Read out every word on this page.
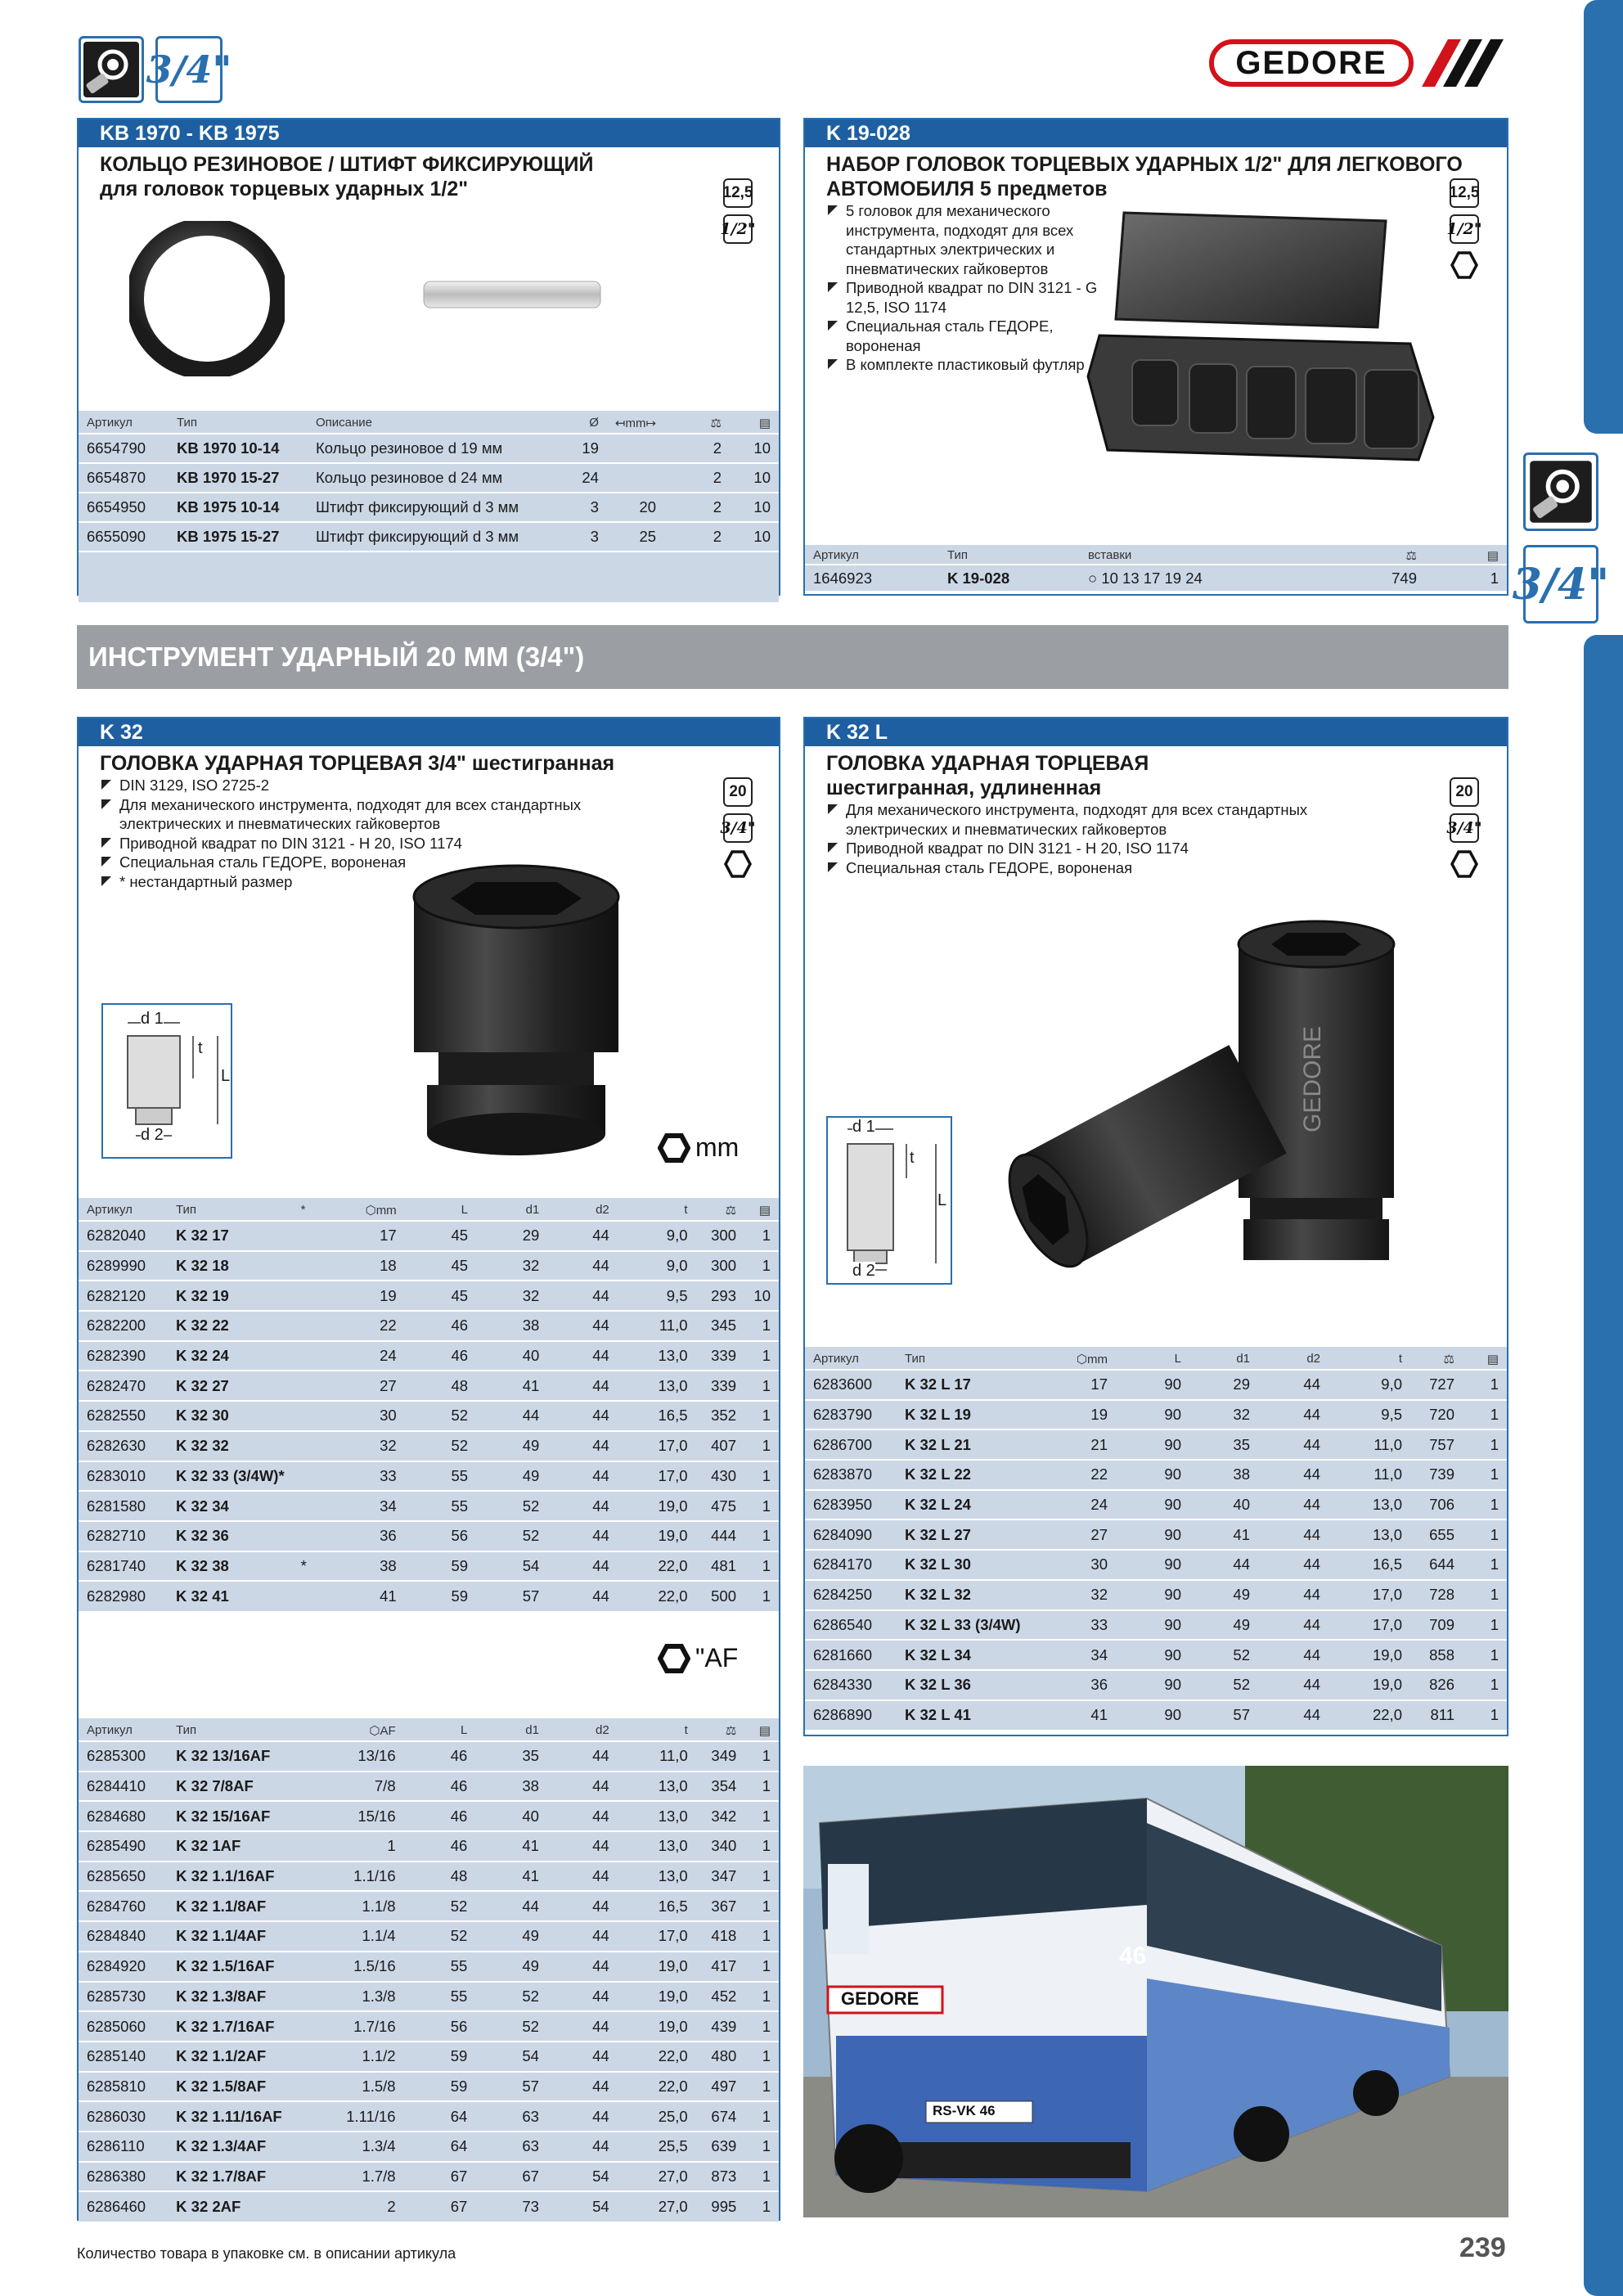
3/4"	GEDORE
3/4"
KB 1970 - KB 1975
КОЛЬЦО РЕЗИНОВОЕ / ШТИФТ ФИКСИРУЮЩИЙ
для головок торцевых ударных 1/2"	12,5
1/2"
Артикул	Тип	Описание	Ø	↤mm↦	⚖	▤
6654790	KB 1970 10-14	Кольцо резиновое d 19 мм	19		2	10
6654870	KB 1970 15-27	Кольцо резиновое d 24 мм	24		2	10
6654950	KB 1975 10-14	Штифт фиксирующий d 3 мм	3	20	2	10
6655090	KB 1975 15-27	Штифт фиксирующий d 3 мм	3	25	2	10

K 19-028
НАБОР ГОЛОВОК ТОРЦЕВЫХ УДАРНЫХ 1/2" ДЛЯ ЛЕГКОВОГО
АВТОМОБИЛЯ 5 предметов
5 головок для механического инструмента, подходят для всех стандартных электрических и пневматических гайковертов
Приводной квадрат по DIN 3121 - G 12,5, ISO 1174
Специальная сталь ГЕДОРЕ, вороненая
В комплекте пластиковый футляр
12,5
1/2"
Артикул	Тип	вставки	⚖	▤
1646923	K 19-028	○ 10 13 17 19 24	749	1
ИНСТРУМЕНТ УДАРНЫЙ 20 ММ (3/4")
K 32
ГОЛОВКА УДАРНАЯ ТОРЦЕВАЯ 3/4" шестигранная
DIN 3129, ISO 2725-2
Для механического инструмента, подходят для всех стандартных электрических и пневматических гайковертов
Приводной квадрат по DIN 3121 - H 20, ISO 1174
Специальная сталь ГЕДОРЕ, вороненая
* нестандартный размер
20
3/4"
d 1
t
L
d 2	mm
Артикул	Тип	*	⬡mm	L	d1	d2	t	⚖	▤
6282040	K 32 17		17	45	29	44	9,0	300	1
6289990	K 32 18		18	45	32	44	9,0	300	1
6282120	K 32 19		19	45	32	44	9,5	293	10
6282200	K 32 22		22	46	38	44	11,0	345	1
6282390	K 32 24		24	46	40	44	13,0	339	1
6282470	K 32 27		27	48	41	44	13,0	339	1
6282550	K 32 30		30	52	44	44	16,5	352	1
6282630	K 32 32		32	52	49	44	17,0	407	1
6283010	K 32 33 (3/4W)*		33	55	49	44	17,0	430	1
6281580	K 32 34		34	55	52	44	19,0	475	1
6282710	K 32 36		36	56	52	44	19,0	444	1
6281740	K 32 38	*	38	59	54	44	22,0	481	1
6282980	K 32 41		41	59	57	44	22,0	500	1
"AF
Артикул	Тип		⬡AF	L	d1	d2	t	⚖	▤
6285300	K 32 13/16AF		13/16	46	35	44	11,0	349	1
6284410	K 32 7/8AF		7/8	46	38	44	13,0	354	1
6284680	K 32 15/16AF		15/16	46	40	44	13,0	342	1
6285490	K 32 1AF		1	46	41	44	13,0	340	1
6285650	K 32 1.1/16AF		1.1/16	48	41	44	13,0	347	1
6284760	K 32 1.1/8AF		1.1/8	52	44	44	16,5	367	1
6284840	K 32 1.1/4AF		1.1/4	52	49	44	17,0	418	1
6284920	K 32 1.5/16AF		1.5/16	55	49	44	19,0	417	1
6285730	K 32 1.3/8AF		1.3/8	55	52	44	19,0	452	1
6285060	K 32 1.7/16AF		1.7/16	56	52	44	19,0	439	1
6285140	K 32 1.1/2AF		1.1/2	59	54	44	22,0	480	1
6285810	K 32 1.5/8AF		1.5/8	59	57	44	22,0	497	1
6286030	K 32 1.11/16AF		1.11/16	64	63	44	25,0	674	1
6286110	K 32 1.3/4AF		1.3/4	64	63	44	25,5	639	1
6286380	K 32 1.7/8AF		1.7/8	67	67	54	27,0	873	1
6286460	K 32 2AF		2	67	73	54	27,0	995	1
K 32 L
ГОЛОВКА УДАРНАЯ ТОРЦЕВАЯ
шестигранная, удлиненная
Для механического инструмента, подходят для всех стандартных электрических и пневматических гайковертов
Приводной квадрат по DIN 3121 - H 20, ISO 1174
Специальная сталь ГЕДОРЕ, вороненая
20
3/4"
d 1
t
L
d 2
GEDORE
Артикул	Тип	⬡mm	L	d1	d2	t	⚖	▤
6283600	K 32 L 17	17	90	29	44	9,0	727	1
6283790	K 32 L 19	19	90	32	44	9,5	720	1
6286700	K 32 L 21	21	90	35	44	11,0	757	1
6283870	K 32 L 22	22	90	38	44	11,0	739	1
6283950	K 32 L 24	24	90	40	44	13,0	706	1
6284090	K 32 L 27	27	90	41	44	13,0	655	1
6284170	K 32 L 30	30	90	44	44	16,5	644	1
6284250	K 32 L 32	32	90	49	44	17,0	728	1
6286540	K 32 L 33 (3/4W)	33	90	49	44	17,0	709	1
6281660	K 32 L 34	34	90	52	44	19,0	858	1
6284330	K 32 L 36	36	90	52	44	19,0	826	1
6286890	K 32 L 41	41	90	57	44	22,0	811	1
GEDORE
46
RS-VK 46
Количество товара в упаковке см. в описании артикула	239
